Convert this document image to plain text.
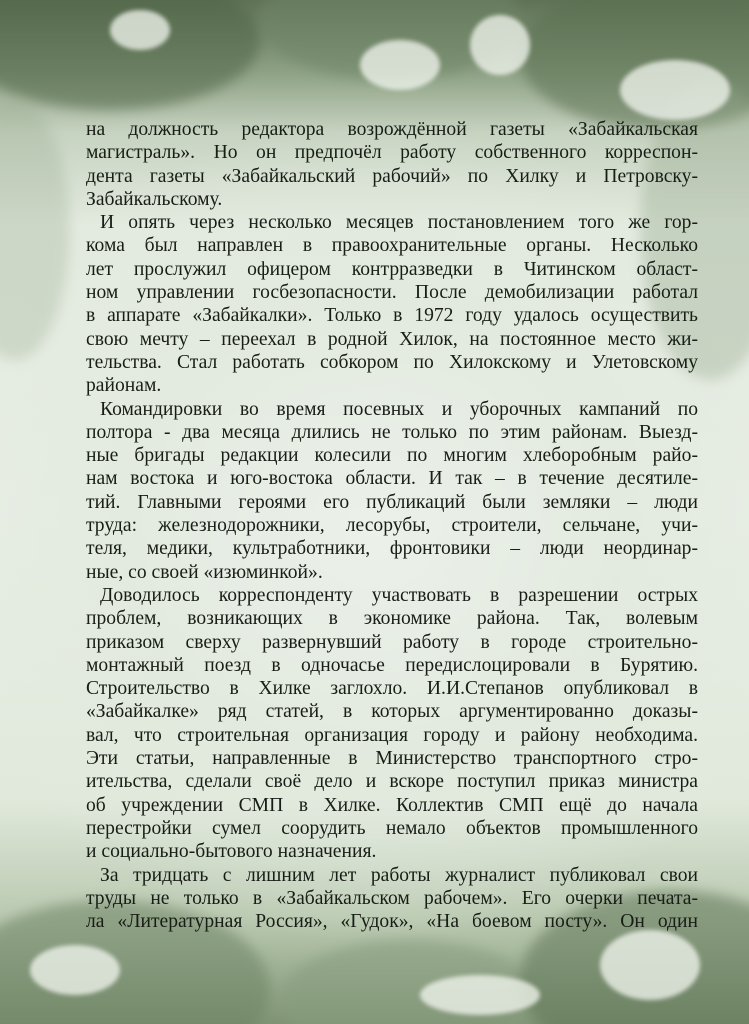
на должность редактора возрождённой газеты «Забайкальская
магистраль». Но он предпочёл работу собственного корреспон-
дента газеты «Забайкальский рабочий» по Хилку и Петровску-
Забайкальскому.

И опять через несколько месяцев постановлением того же гор-
кома был направлен в правоохранительные органы. Несколько
лет прослужил офицером контрразведки в Читинском област-
ном управлении госбезопасности. После демобилизации работал
в аппарате «Забайкалки». Только в 1972 году удалось осуществить
свою мечту – переехал в родной Хилок, на постоянное место жи-
тельства. Стал работать собкором по Хилокскому и Улетовскому
районам.

Командировки во время посевных и уборочных кампаний по
полтора - два месяца длились не только по этим районам. Выезд-
ные бригады редакции колесили по многим хлеборобным райо-
нам востока и юго-востока области. И так – в течение десятиле-
тий. Главными героями его публикаций были земляки – люди
труда: железнодорожники, лесорубы, строители, сельчане, учи-
теля, медики, культработники, фронтовики – люди неординар-
ные, со своей «изюминкой».

Доводилось корреспонденту участвовать в разрешении острых
проблем, возникающих в экономике района. Так, волевым
приказом сверху развернувший работу в городе строительно-
монтажный поезд в одночасье передислоцировали в Бурятию.
Строительство в Хилке заглохло. И.И.Степанов опубликовал в
«Забайкалке» ряд статей, в которых аргументированно доказы-
вал, что строительная организация городу и району необходима.
Эти статьи, направленные в Министерство транспортного стро-
ительства, сделали своё дело и вскоре поступил приказ министра
об учреждении СМП в Хилке. Коллектив СМП ещё до начала
перестройки сумел соорудить немало объектов промышленного
и социально-бытового назначения.

За тридцать с лишним лет работы журналист публиковал свои
труды не только в «Забайкальском рабочем». Его очерки печата-
ла «Литературная Россия», «Гудок», «На боевом посту». Он один
